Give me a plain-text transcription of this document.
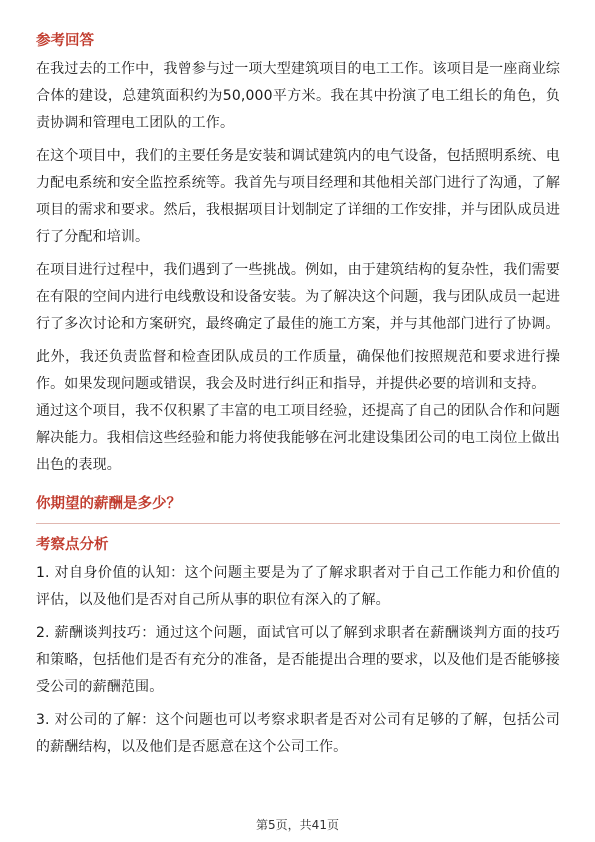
参考回答

在我过去的工作中，我曾参与过一项大型建筑项目的电工工作。该项目是一座商业综合体的建设，总建筑面积约为50,000平方米。我在其中扮演了电工组长的角色，负责协调和管理电工团队的工作。

在这个项目中，我们的主要任务是安装和调试建筑内的电气设备，包括照明系统、电力配电系统和安全监控系统等。我首先与项目经理和其他相关部门进行了沟通，了解项目的需求和要求。然后，我根据项目计划制定了详细的工作安排，并与团队成员进行了分配和培训。

在项目进行过程中，我们遇到了一些挑战。例如，由于建筑结构的复杂性，我们需要在有限的空间内进行电线敷设和设备安装。为了解决这个问题，我与团队成员一起进行了多次讨论和方案研究，最终确定了最佳的施工方案，并与其他部门进行了协调。

此外，我还负责监督和检查团队成员的工作质量，确保他们按照规范和要求进行操作。如果发现问题或错误，我会及时进行纠正和指导，并提供必要的培训和支持。

通过这个项目，我不仅积累了丰富的电工项目经验，还提高了自己的团队合作和问题解决能力。我相信这些经验和能力将使我能够在河北建设集团公司的电工岗位上做出出色的表现。

你期望的薪酬是多少？
考察点分析

1. 对自身价值的认知：这个问题主要是为了了解求职者对于自己工作能力和价值的评估，以及他们是否对自己所从事的职位有深入的了解。

2. 薪酬谈判技巧：通过这个问题，面试官可以了解到求职者在薪酬谈判方面的技巧和策略，包括他们是否有充分的准备，是否能提出合理的要求，以及他们是否能够接受公司的薪酬范围。

3. 对公司的了解：这个问题也可以考察求职者是否对公司有足够的了解，包括公司的薪酬结构，以及他们是否愿意在这个公司工作。

第5页，共41页
